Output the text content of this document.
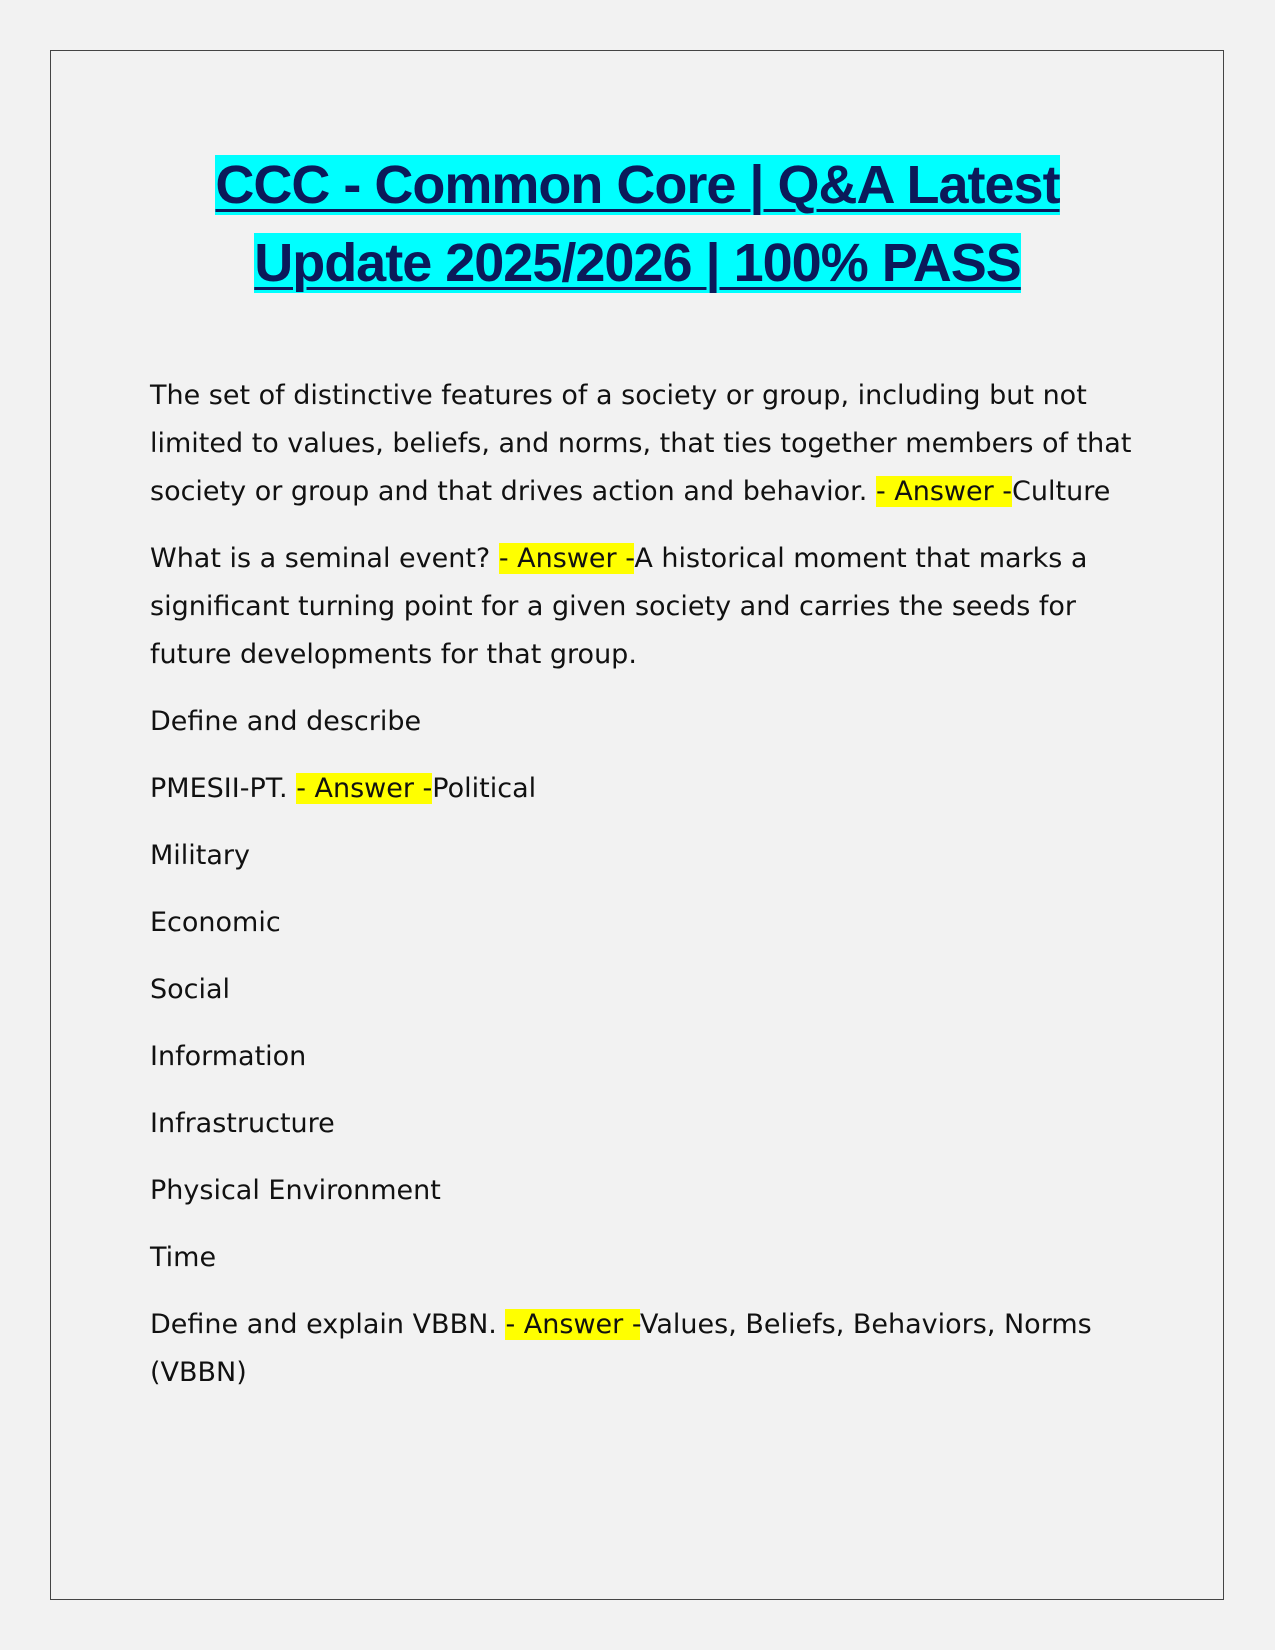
CCC - Common Core | Q&A Latest
Update 2025/2026 | 100% PASS

The set of distinctive features of a society or group, including but not limited to values, beliefs, and norms, that ties together members of that society or group and that drives action and behavior. - Answer -Culture

What is a seminal event? - Answer -A historical moment that marks a significant turning point for a given society and carries the seeds for future developments for that group.

Define and describe

PMESII-PT. - Answer -Political

Military

Economic

Social

Information

Infrastructure

Physical Environment

Time

Define and explain VBBN. - Answer -Values, Beliefs, Behaviors, Norms (VBBN)
